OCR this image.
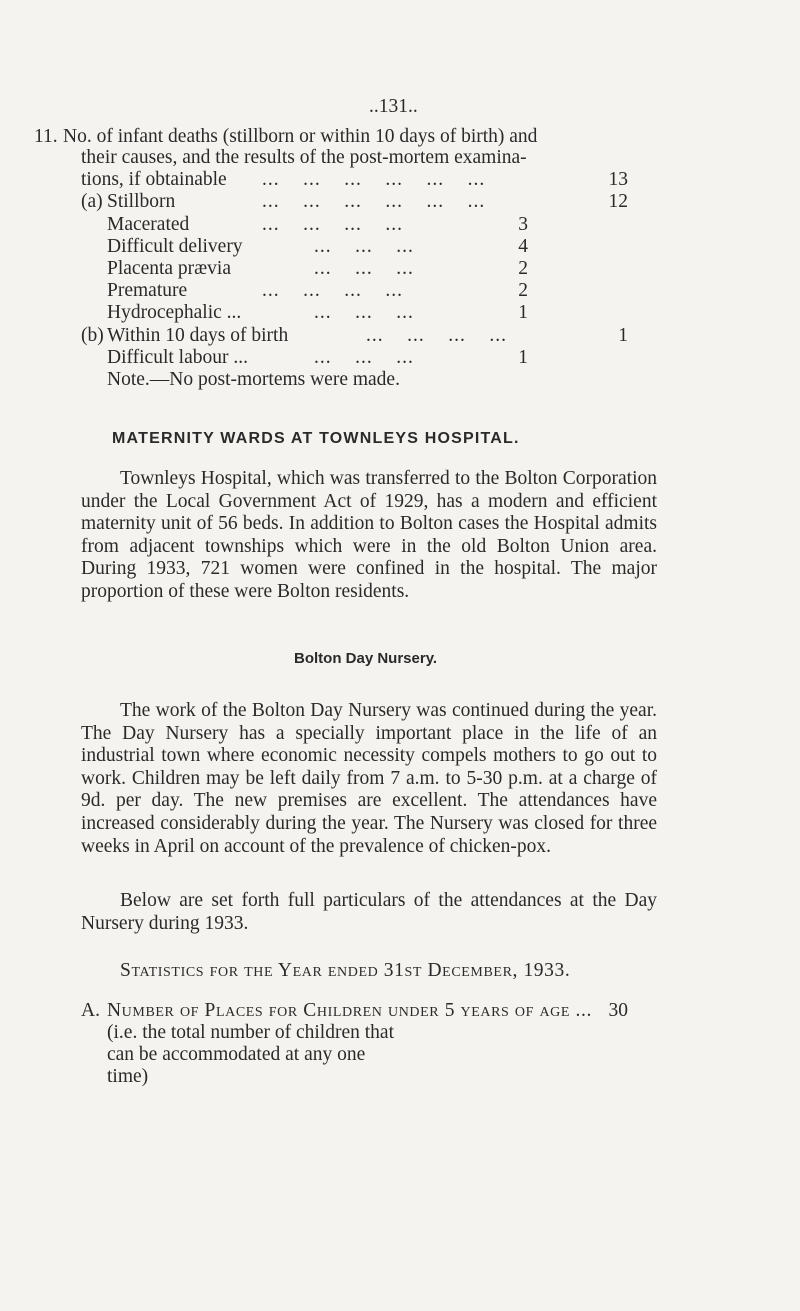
..131..
11. No. of infant deaths (stillborn or within 10 days of birth) and
their causes, and the results of the post-mortem examina-
tions, if obtainable ...    ...    ...    ...    ...    ...	13
(a) Stillborn	...    ...    ...    ...    ...    ...	12
Macerated	...    ...    ...    ...	3
Difficult delivery	...    ...    ...	4
Placenta prævia	...    ...    ...	2
Premature	...    ...    ...    ...	2
Hydrocephalic ...	...    ...    ...	1
(b) Within 10 days of birth	...    ...    ...    ...	1
Difficult labour ...	...    ...    ...	1
Note.—No post-mortems were made.
MATERNITY WARDS AT TOWNLEYS HOSPITAL.

Townleys Hospital, which was transferred to the Bolton Corporation under the Local Government Act of 1929, has a modern and efficient maternity unit of 56 beds. In addition to Bolton cases the Hospital admits from adjacent townships which were in the old Bolton Union area. During 1933, 721 women were confined in the hospital. The major proportion of these were Bolton residents.

Bolton Day Nursery.

The work of the Bolton Day Nursery was continued during the year. The Day Nursery has a specially important place in the life of an industrial town where economic necessity compels mothers to go out to work. Children may be left daily from 7 a.m. to 5-30 p.m. at a charge of 9d. per day. The new premises are excellent. The attendances have increased considerably during the year. The Nursery was closed for three weeks in April on account of the prevalence of chicken-pox.

Below are set forth full particulars of the attendances at the Day Nursery during 1933.

Statistics for the Year ended 31st December, 1933.
A. Number of Places for Children under 5 years of age ... 30
(i.e. the total number of children that
can be accommodated at any one
time)
